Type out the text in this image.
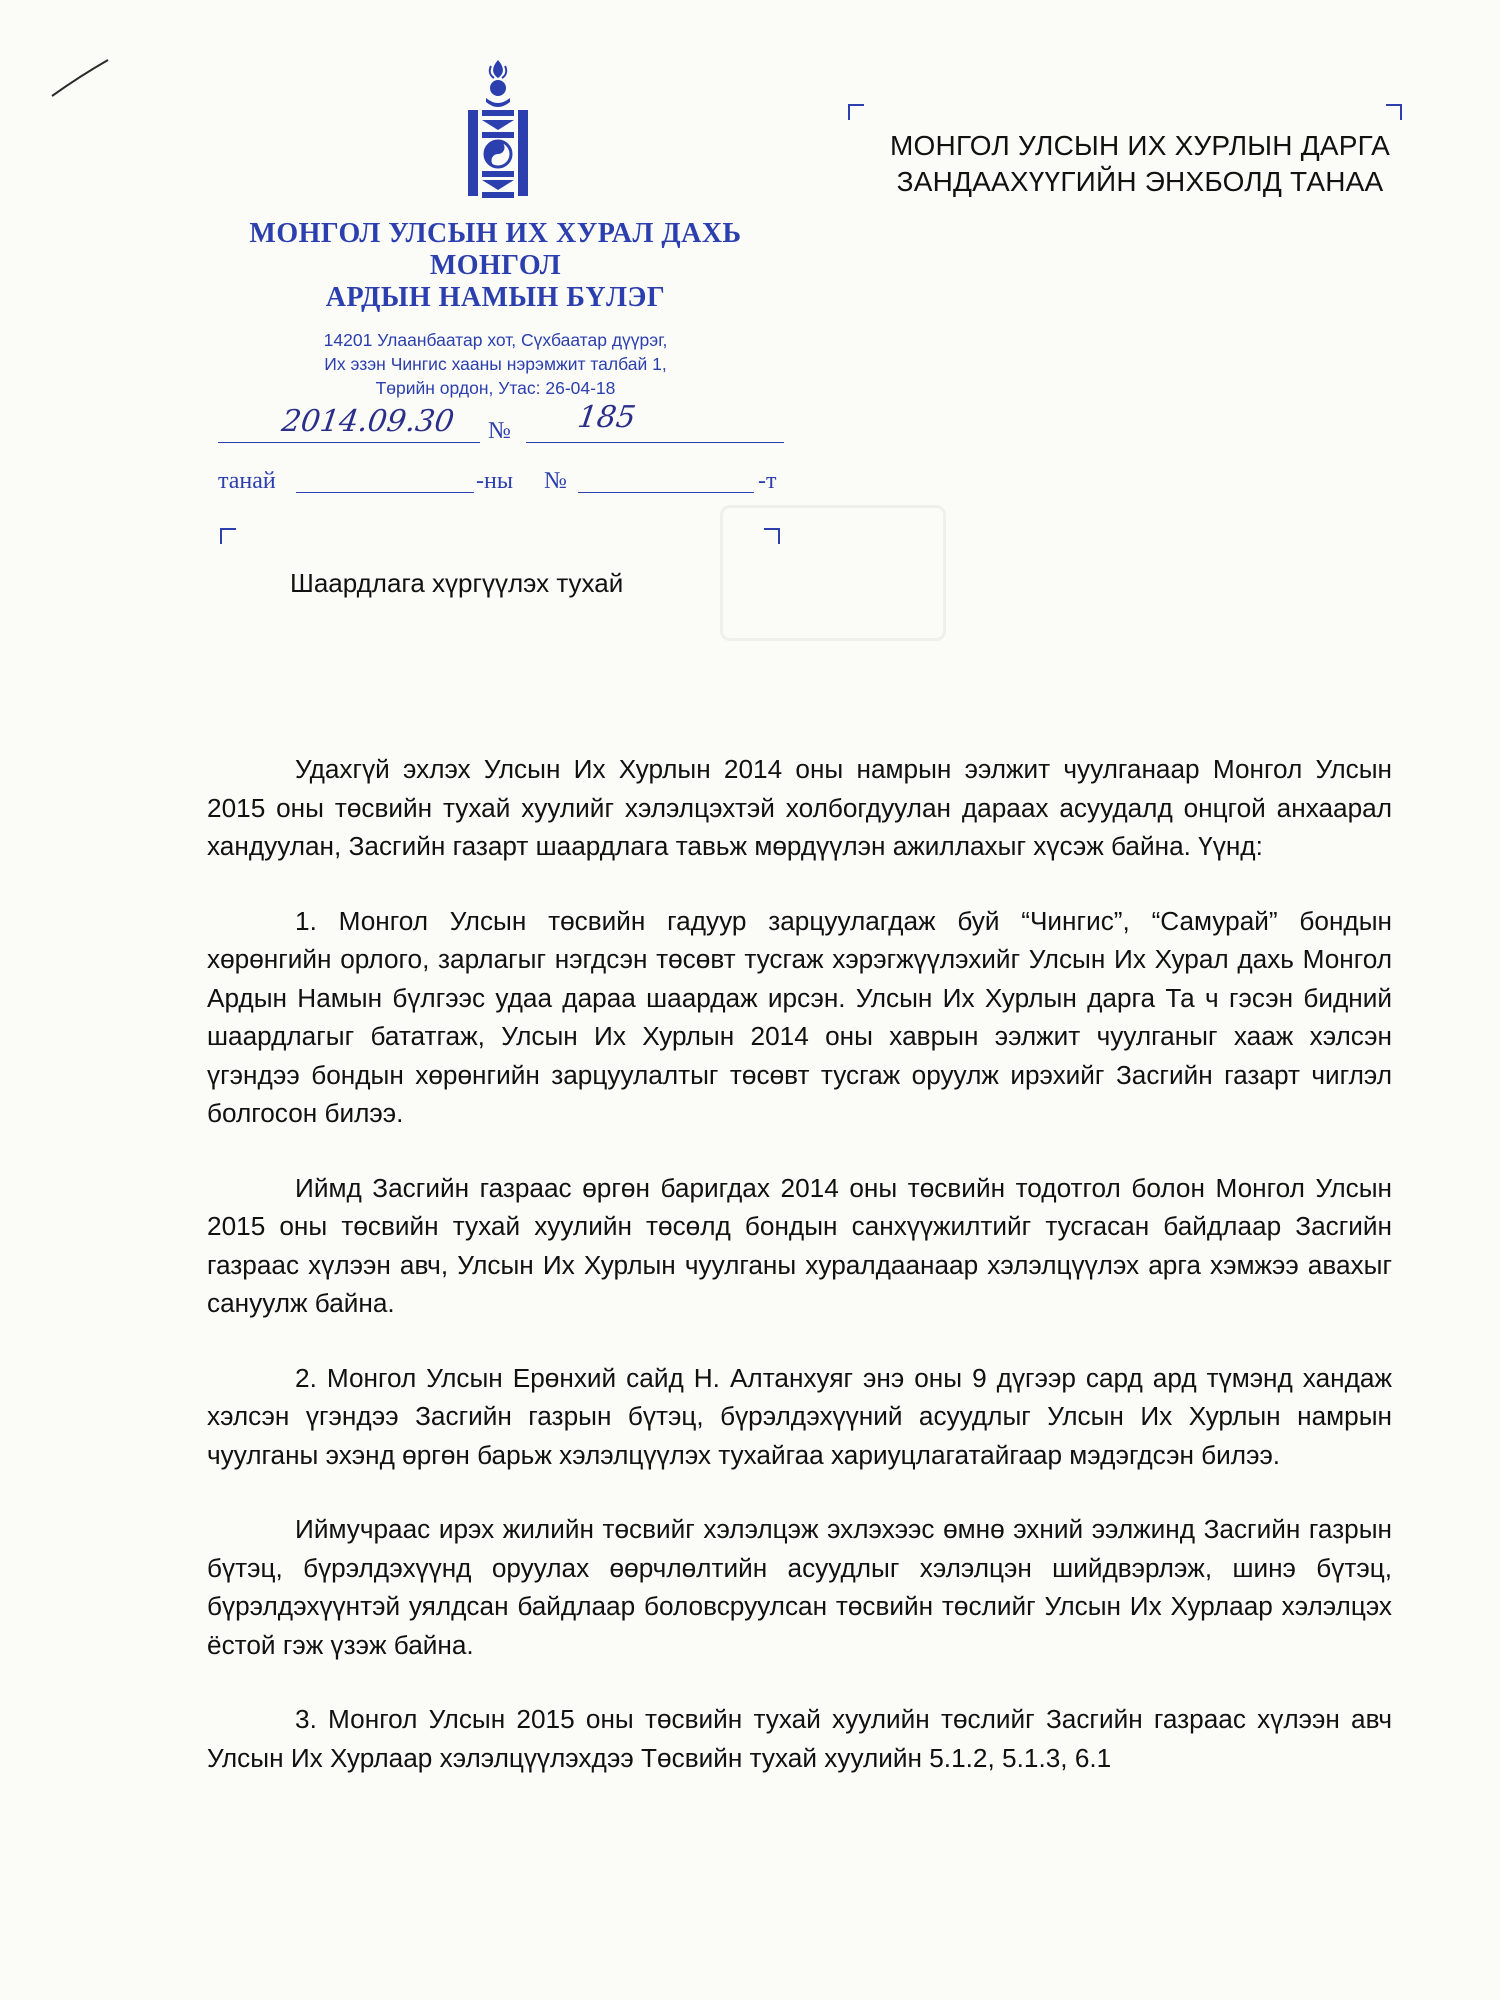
МОНГОЛ УЛСЫН ИХ ХУРАЛ ДАХЬ
МОНГОЛ
АРДЫН НАМЫН БҮЛЭГ
14201 Улаанбаатар хот, Сүхбаатар дүүрэг,
Их эзэн Чингис хааны нэрэмжит талбай 1,
Төрийн ордон, Утас: 26-04-18
МОНГОЛ УЛСЫН ИХ ХУРЛЫН ДАРГА
ЗАНДААХҮҮГИЙН ЭНХБОЛД ТАНАА
2014.09.30 № 185
танай	-ны №	-т
Шаардлага хүргүүлэх тухай

Удахгүй эхлэх Улсын Их Хурлын 2014 оны намрын ээлжит чуулганаар Монгол Улсын 2015 оны төсвийн тухай хуулийг хэлэлцэхтэй холбогдуулан дараах асуудалд онцгой анхаарал хандуулан, Засгийн газарт шаардлага тавьж мөрдүүлэн ажиллахыг хүсэж байна. Үүнд:

1. Монгол Улсын төсвийн гадуур зарцуулагдаж буй “Чингис”, “Самурай” бондын хөрөнгийн орлого, зарлагыг нэгдсэн төсөвт тусгаж хэрэгжүүлэхийг Улсын Их Хурал дахь Монгол Ардын Намын бүлгээс удаа дараа шаардаж ирсэн. Улсын Их Хурлын дарга Та ч гэсэн бидний шаардлагыг бататгаж, Улсын Их Хурлын 2014 оны хаврын ээлжит чуулганыг хааж хэлсэн үгэндээ бондын хөрөнгийн зарцуулалтыг төсөвт тусгаж оруулж ирэхийг Засгийн газарт чиглэл болгосон билээ.

Иймд Засгийн газраас өргөн баригдах 2014 оны төсвийн тодотгол болон Монгол Улсын 2015 оны төсвийн тухай хуулийн төсөлд бондын санхүүжилтийг тусгасан байдлаар Засгийн газраас хүлээн авч, Улсын Их Хурлын чуулганы хуралдаанаар хэлэлцүүлэх арга хэмжээ авахыг сануулж байна.

2. Монгол Улсын Ерөнхий сайд Н. Алтанхуяг энэ оны 9 дүгээр сард ард түмэнд хандаж хэлсэн үгэндээ Засгийн газрын бүтэц, бүрэлдэхүүний асуудлыг Улсын Их Хурлын намрын чуулганы эхэнд өргөн барьж хэлэлцүүлэх тухайгаа хариуцлагатайгаар мэдэгдсэн билээ.

Иймучраас ирэх жилийн төсвийг хэлэлцэж эхлэхээс өмнө эхний ээлжинд Засгийн газрын бүтэц, бүрэлдэхүүнд оруулах өөрчлөлтийн асуудлыг хэлэлцэн шийдвэрлэж, шинэ бүтэц, бүрэлдэхүүнтэй уялдсан байдлаар боловсруулсан төсвийн төслийг Улсын Их Хурлаар хэлэлцэх ёстой гэж үзэж байна.

3. Монгол Улсын 2015 оны төсвийн тухай хуулийн төслийг Засгийн газраас хүлээн авч Улсын Их Хурлаар хэлэлцүүлэхдээ Төсвийн тухай хуулийн 5.1.2, 5.1.3, 6.1
